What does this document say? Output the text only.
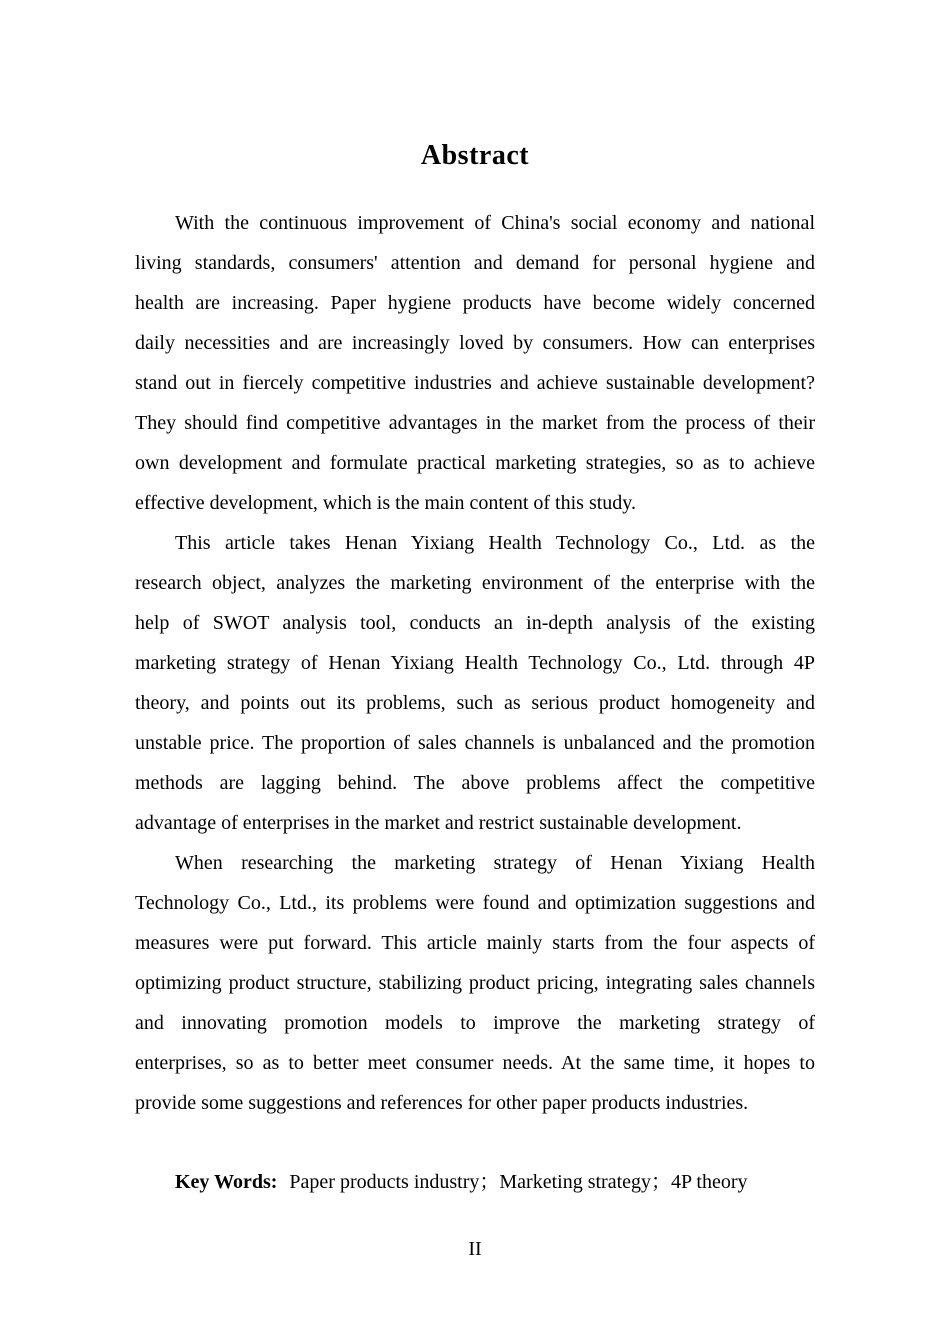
Abstract
With the continuous improvement of China's social economy and national
living standards, consumers' attention and demand for personal hygiene and
health are increasing. Paper hygiene products have become widely concerned
daily necessities and are increasingly loved by consumers. How can enterprises
stand out in fiercely competitive industries and achieve sustainable development?
They should find competitive advantages in the market from the process of their
own development and formulate practical marketing strategies, so as to achieve
effective development, which is the main content of this study.
This article takes Henan Yixiang Health Technology Co., Ltd. as the
research object, analyzes the marketing environment of the enterprise with the
help of SWOT analysis tool, conducts an in-depth analysis of the existing
marketing strategy of Henan Yixiang Health Technology Co., Ltd. through 4P
theory, and points out its problems, such as serious product homogeneity and
unstable price. The proportion of sales channels is unbalanced and the promotion
methods are lagging behind. The above problems affect the competitive
advantage of enterprises in the market and restrict sustainable development.
When researching the marketing strategy of Henan Yixiang Health
Technology Co., Ltd., its problems were found and optimization suggestions and
measures were put forward. This article mainly starts from the four aspects of
optimizing product structure, stabilizing product pricing, integrating sales channels
and innovating promotion models to improve the marketing strategy of
enterprises, so as to better meet consumer needs. At the same time, it hopes to
provide some suggestions and references for other paper products industries.
Key Words: Paper products industry；Marketing strategy；4P theory
II
